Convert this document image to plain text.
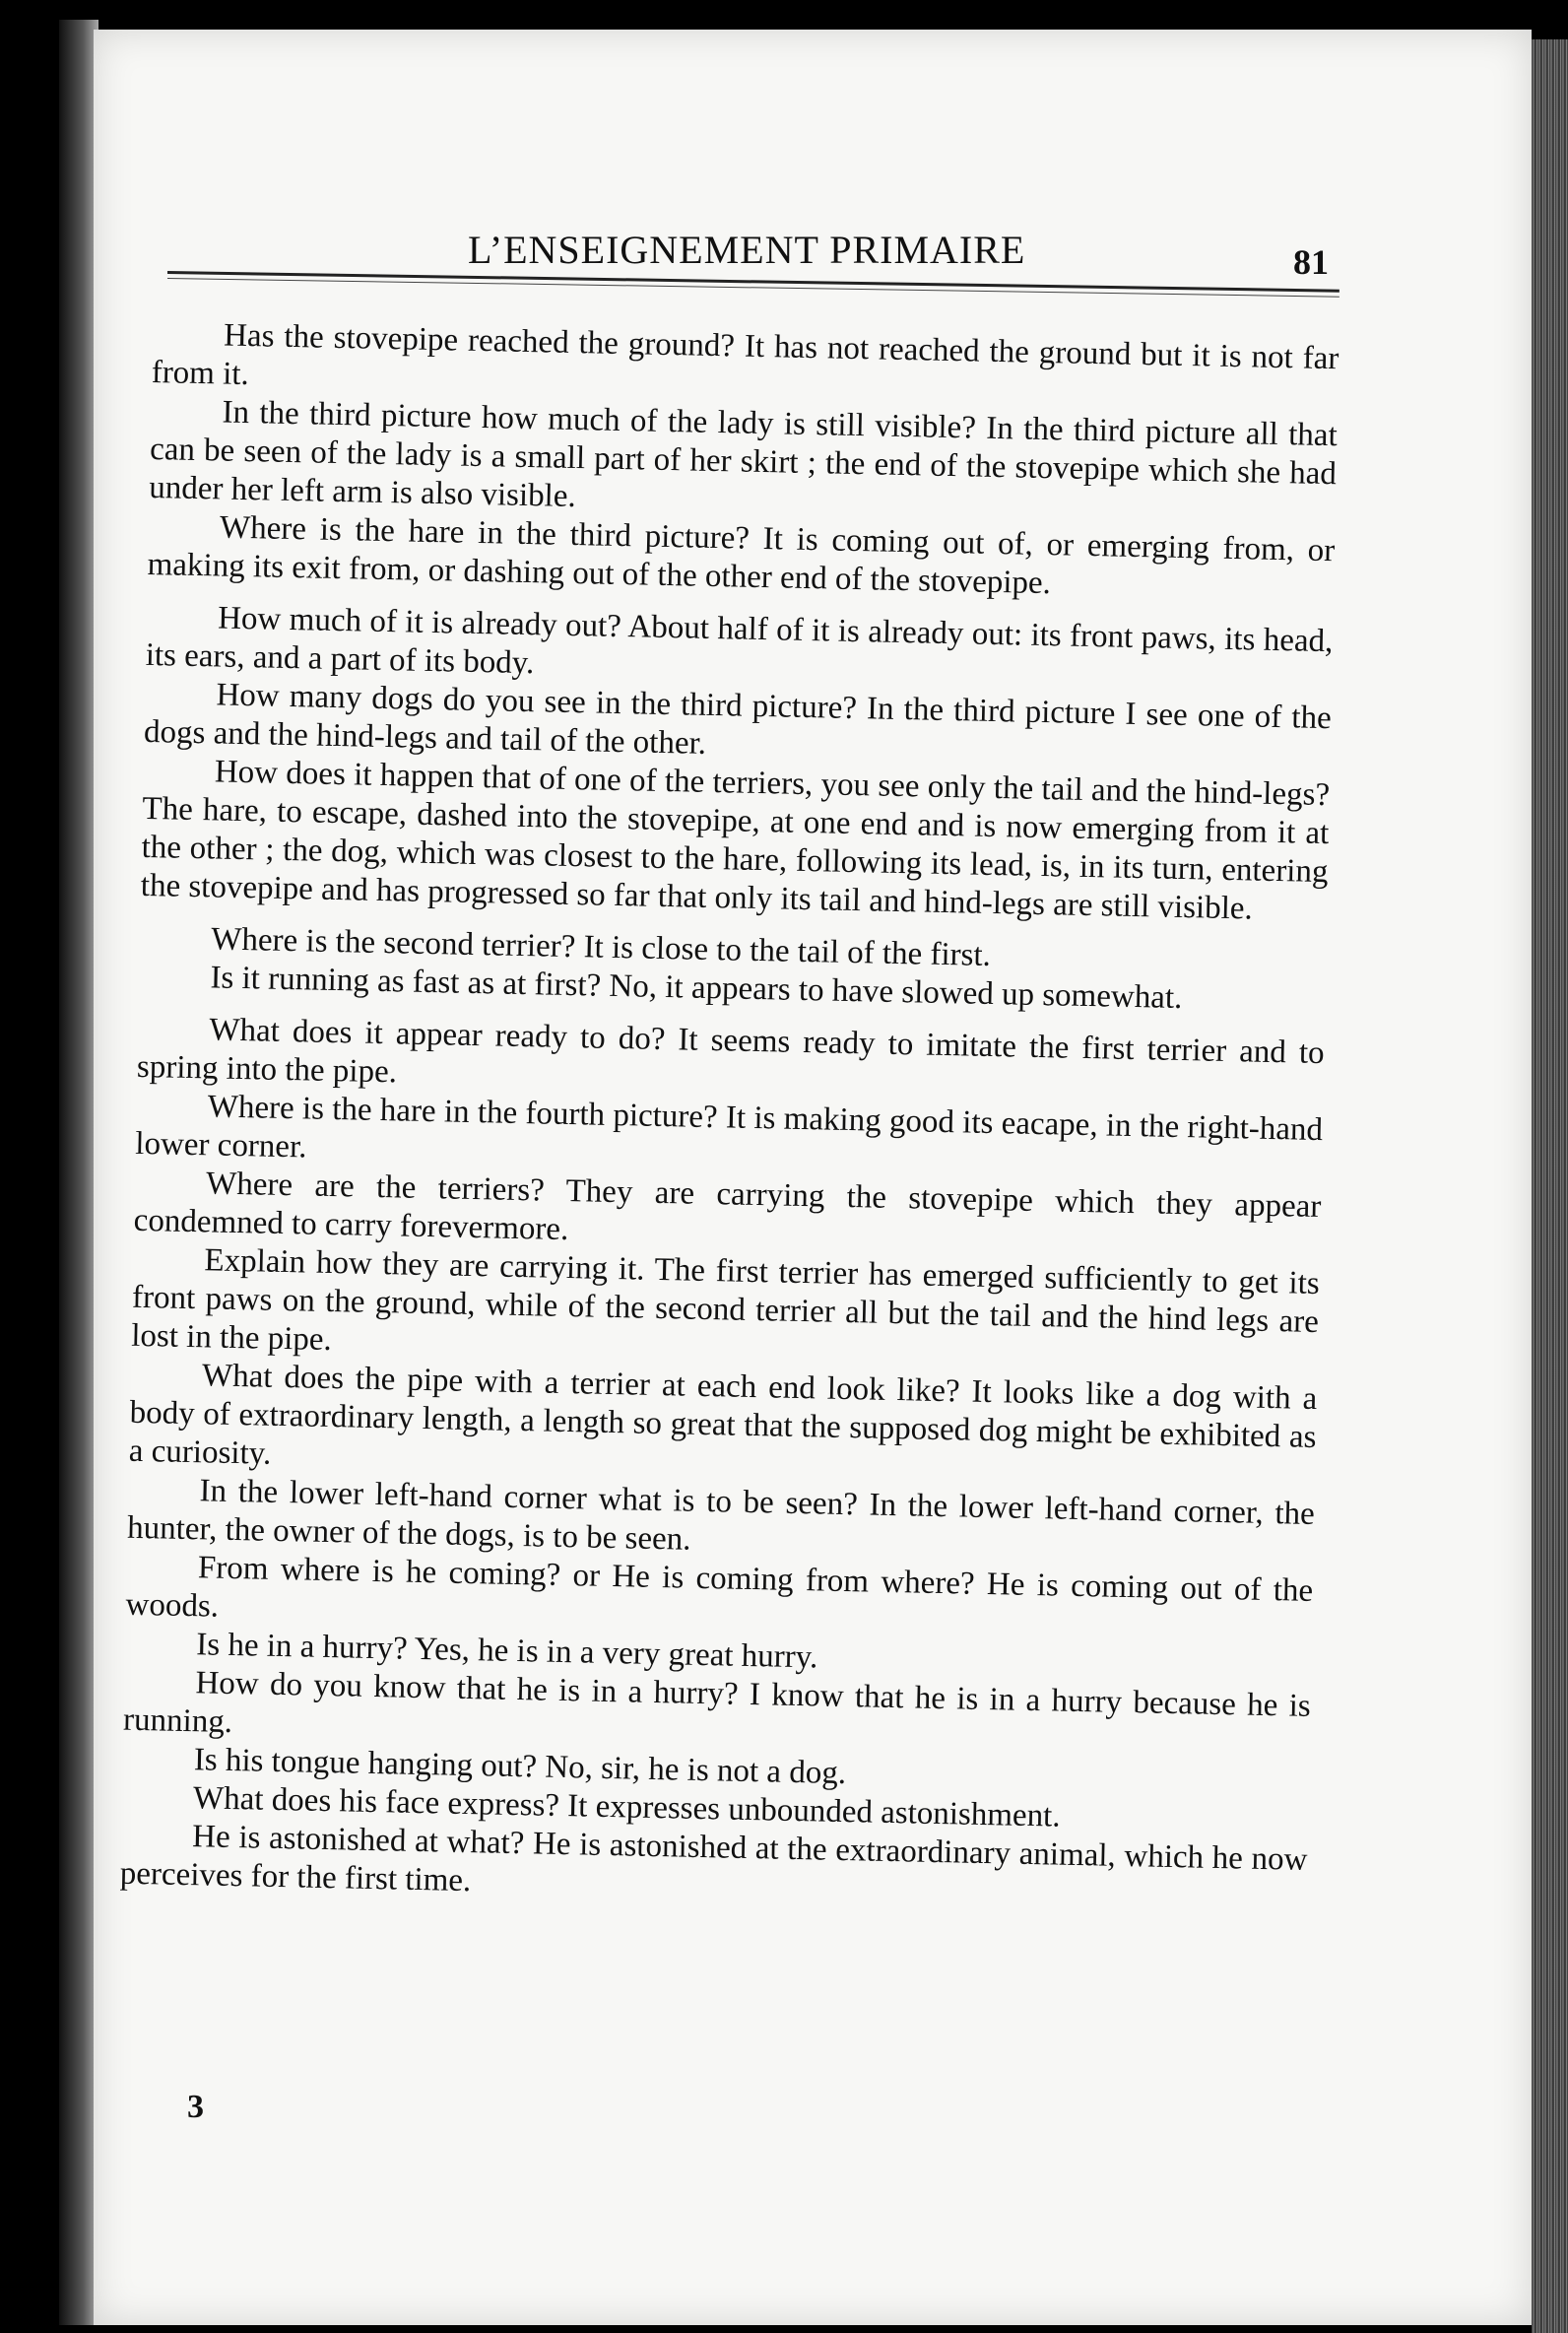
L’ENSEIGNEMENT PRIMAIRE	81

Has the stovepipe reached the ground? It has not reached the ground but it is not far from it.

In the third picture how much of the lady is still visible? In the third picture all that can be seen of the lady is a small part of her skirt ; the end of the stovepipe which she had under her left arm is also visible.

Where is the hare in the third picture? It is coming out of, or emerging from, or making its exit from, or dashing out of the other end of the stovepipe.

How much of it is already out? About half of it is already out: its front paws, its head, its ears, and a part of its body.

How many dogs do you see in the third picture? In the third picture I see one of the dogs and the hind-legs and tail of the other.

How does it happen that of one of the terriers, you see only the tail and the hind-legs? The hare, to escape, dashed into the stovepipe, at one end and is now emerging from it at the other ; the dog, which was closest to the hare, following its lead, is, in its turn, entering the stovepipe and has progressed so far that only its tail and hind-legs are still visible.

Where is the second terrier? It is close to the tail of the first.

Is it running as fast as at first? No, it appears to have slowed up somewhat.

What does it appear ready to do? It seems ready to imitate the first terrier and to spring into the pipe.

Where is the hare in the fourth picture? It is making good its eacape, in the right-hand lower corner.

Where are the terriers? They are carrying the stovepipe which they appear condemned to carry forevermore.

Explain how they are carrying it. The first terrier has emerged sufficiently to get its front paws on the ground, while of the second terrier all but the tail and the hind legs are lost in the pipe.

What does the pipe with a terrier at each end look like? It looks like a dog with a body of extraordinary length, a length so great that the supposed dog might be exhibited as a curiosity.

In the lower left-hand corner what is to be seen? In the lower left-hand corner, the hunter, the owner of the dogs, is to be seen.

From where is he coming? or He is coming from where? He is coming out of the woods.

Is he in a hurry? Yes, he is in a very great hurry.

How do you know that he is in a hurry? I know that he is in a hurry because he is running.

Is his tongue hanging out? No, sir, he is not a dog.

What does his face express? It expresses unbounded astonishment.

He is astonished at what? He is astonished at the extraordinary animal, which he now perceives for the first time.

3
